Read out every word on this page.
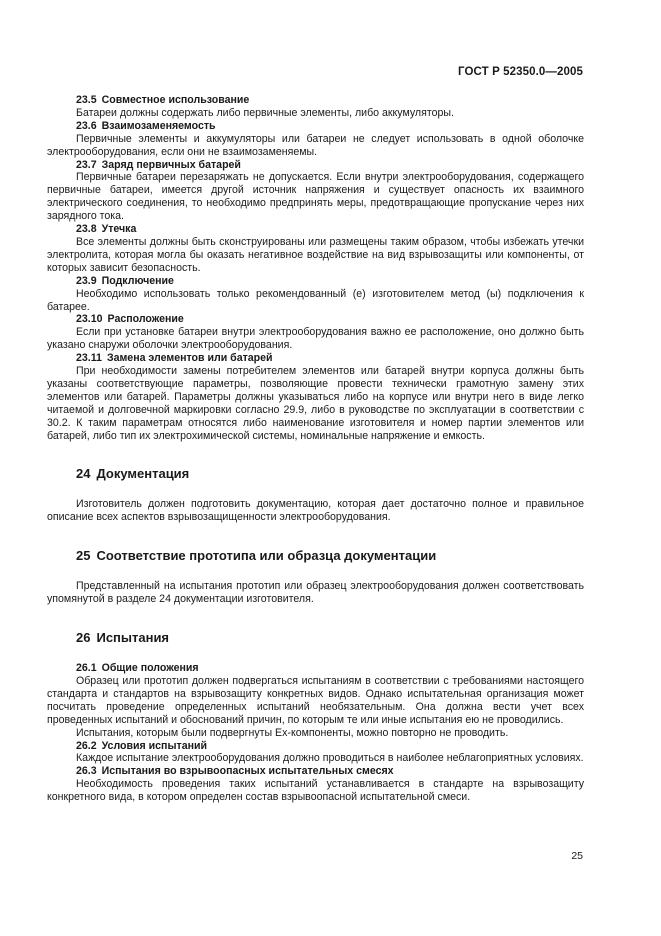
ГОСТ Р 52350.0—2005

23.5 Совместное использование

Батареи должны содержать либо первичные элементы, либо аккумуляторы.

23.6 Взаимозаменяемость

Первичные элементы и аккумуляторы или батареи не следует использовать в одной оболочке электрооборудования, если они не взаимозаменяемы.

23.7 Заряд первичных батарей

Первичные батареи перезаряжать не допускается. Если внутри электрооборудования, содержащего первичные батареи, имеется другой источник напряжения и существует опасность их взаимного электрического соединения, то необходимо предпринять меры, предотвращающие пропускание через них зарядного тока.

23.8 Утечка

Все элементы должны быть сконструированы или размещены таким образом, чтобы избежать утечки электролита, которая могла бы оказать негативное воздействие на вид взрывозащиты или компоненты, от которых зависит безопасность.

23.9 Подключение

Необходимо использовать только рекомендованный (е) изготовителем метод (ы) подключения к батарее.

23.10 Расположение

Если при установке батареи внутри электрооборудования важно ее расположение, оно должно быть указано снаружи оболочки электрооборудования.

23.11 Замена элементов или батарей

При необходимости замены потребителем элементов или батарей внутри корпуса должны быть указаны соответствующие параметры, позволяющие провести технически грамотную замену этих элементов или батарей. Параметры должны указываться либо на корпусе или внутри него в виде легко читаемой и долговечной маркировки согласно 29.9, либо в руководстве по эксплуатации в соответствии с 30.2. К таким параметрам относятся либо наименование изготовителя и номер партии элементов или батарей, либо тип их электрохимической системы, номинальные напряжение и емкость.

24 Документация

Изготовитель должен подготовить документацию, которая дает достаточно полное и правильное описание всех аспектов взрывозащищенности электрооборудования.

25 Соответствие прототипа или образца документации

Представленный на испытания прототип или образец электрооборудования должен соответствовать упомянутой в разделе 24 документации изготовителя.

26 Испытания

26.1 Общие положения

Образец или прототип должен подвергаться испытаниям в соответствии с требованиями настоящего стандарта и стандартов на взрывозащиту конкретных видов. Однако испытательная организация может посчитать проведение определенных испытаний необязательным. Она должна вести учет всех проведенных испытаний и обоснований причин, по которым те или иные испытания ею не проводились.

Испытания, которым были подвергнуты Ex-компоненты, можно повторно не проводить.

26.2 Условия испытаний

Каждое испытание электрооборудования должно проводиться в наиболее неблагоприятных условиях.

26.3 Испытания во взрывоопасных испытательных смесях

Необходимость проведения таких испытаний устанавливается в стандарте на взрывозащиту конкретного вида, в котором определен состав взрывоопасной испытательной смеси.

25
